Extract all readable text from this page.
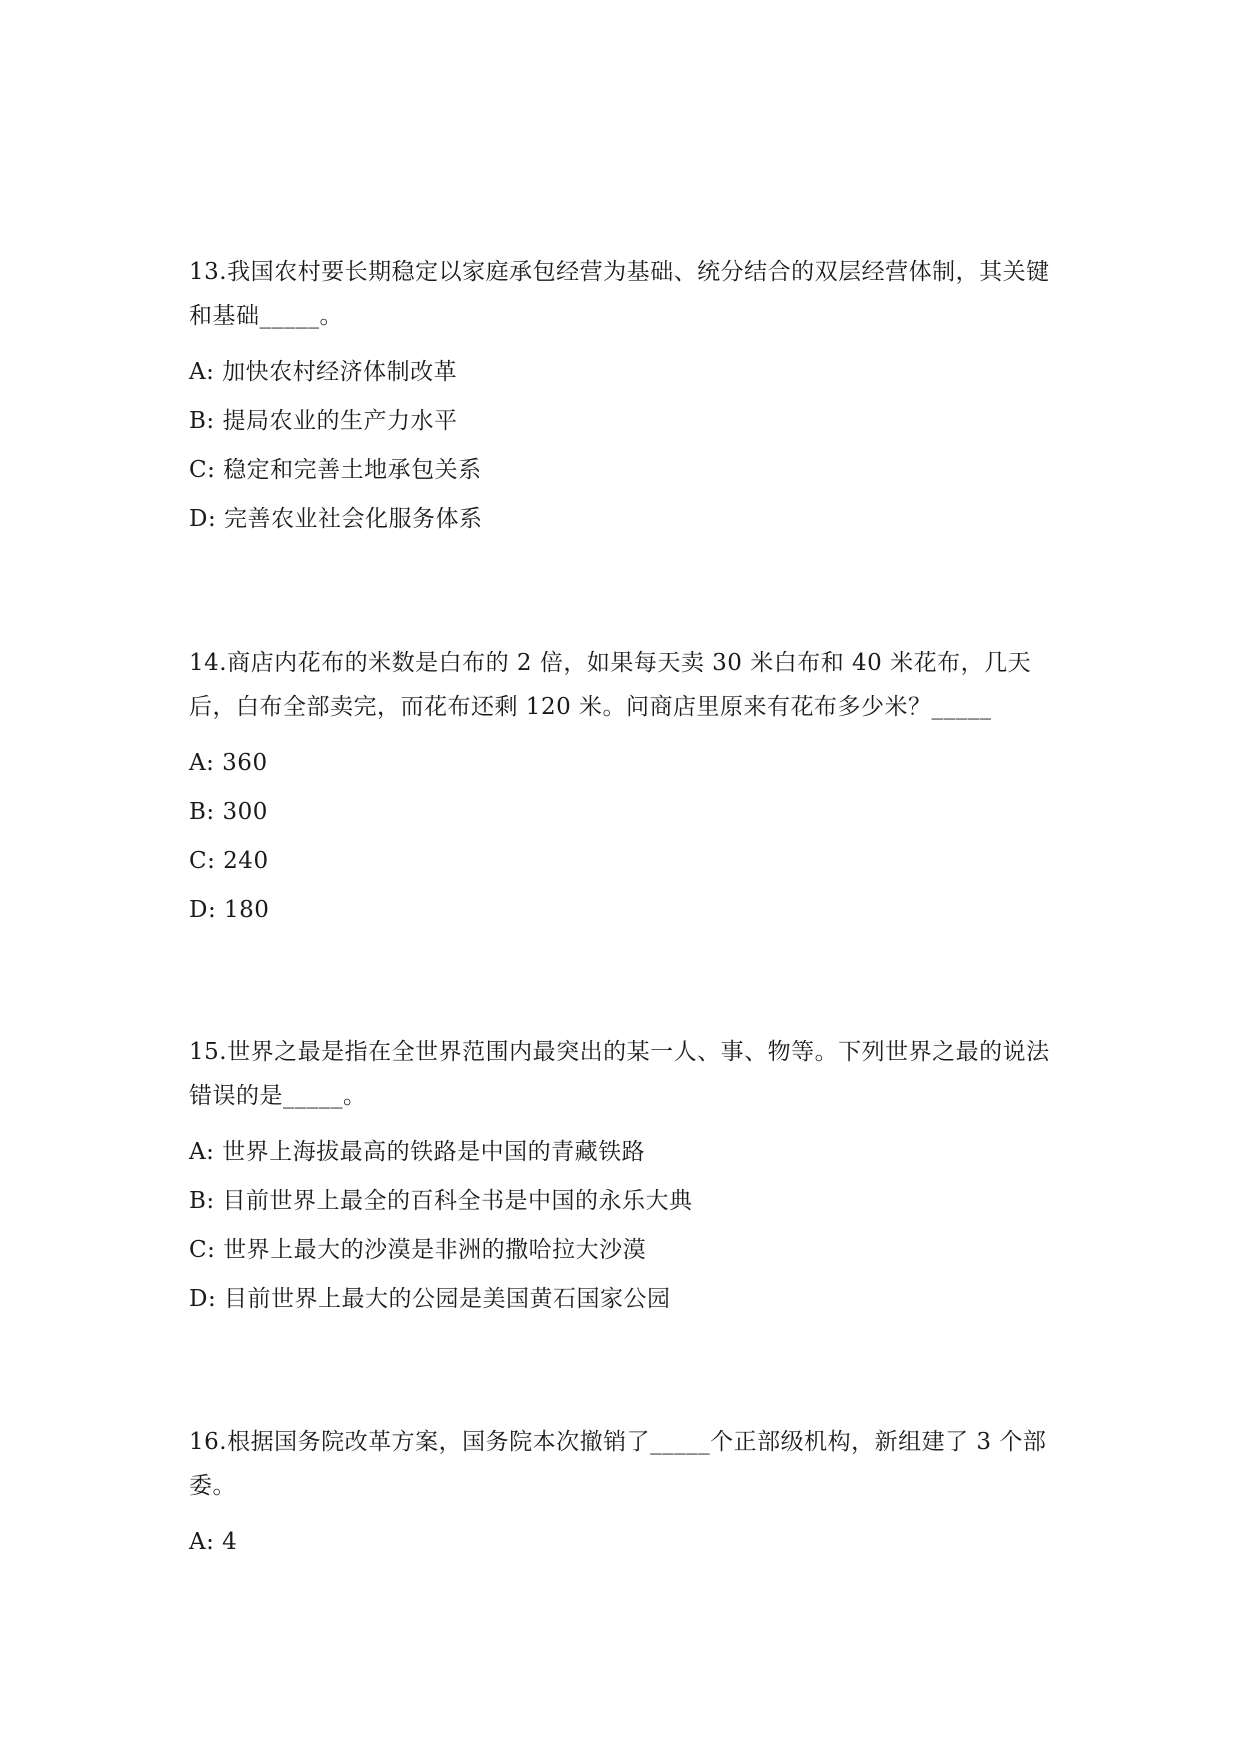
13.我国农村要长期稳定以家庭承包经营为基础、统分结合的双层经营体制，其关键和基础_____。

A: 加快农村经济体制改革
B: 提局农业的生产力水平
C: 稳定和完善土地承包关系
D: 完善农业社会化服务体系

14.商店内花布的米数是白布的 2 倍，如果每天卖 30 米白布和 40 米花布，几天后，白布全部卖完，而花布还剩 120 米。问商店里原来有花布多少米？_____

A: 360
B: 300
C: 240
D: 180

15.世界之最是指在全世界范围内最突出的某一人、事、物等。下列世界之最的说法错误的是_____。

A: 世界上海拔最高的铁路是中国的青藏铁路
B: 目前世界上最全的百科全书是中国的永乐大典
C: 世界上最大的沙漠是非洲的撒哈拉大沙漠
D: 目前世界上最大的公园是美国黄石国家公园

16.根据国务院改革方案，国务院本次撤销了_____个正部级机构，新组建了 3 个部委。

A: 4
